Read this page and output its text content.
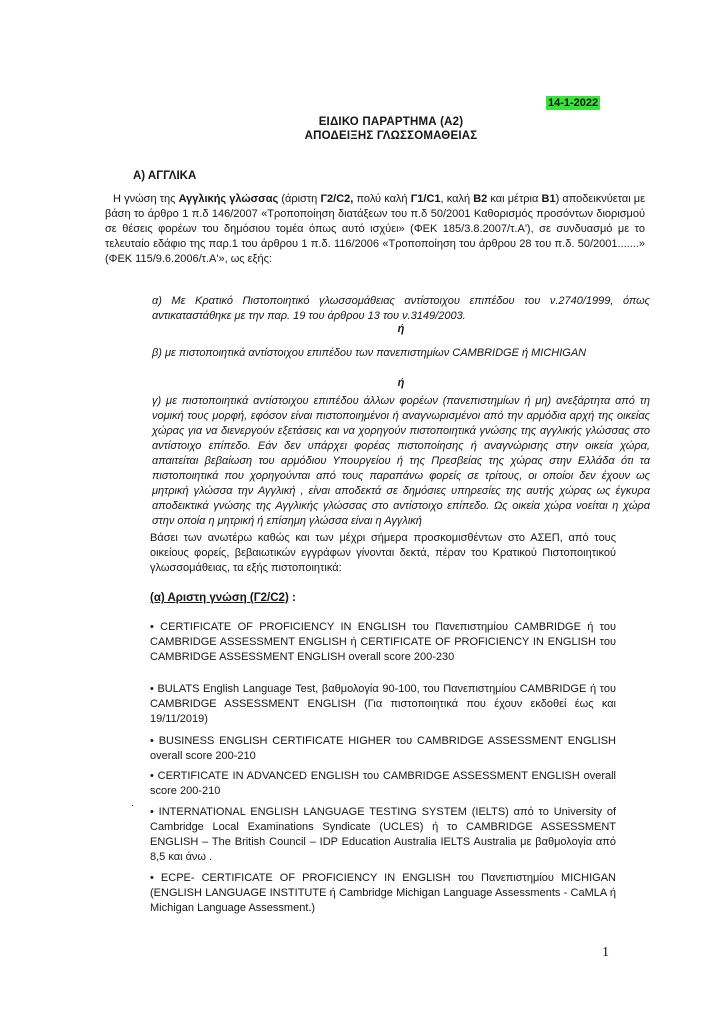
14-1-2022
ΕΙΔΙΚΟ ΠΑΡΑΡΤΗΜΑ (Α2)
ΑΠΟΔΕΙΞΗΣ ΓΛΩΣΣΟΜΑΘΕΙΑΣ
Α) ΑΓΓΛΙΚΑ

Η γνώση της Αγγλικής γλώσσας (άριστη Γ2/C2, πολύ καλή Γ1/C1, καλή Β2 και μέτρια Β1) αποδεικνύεται με βάση το άρθρο 1 π.δ 146/2007 «Τροποποίηση διατάξεων του π.δ 50/2001 Καθορισμός προσόντων διορισμού σε θέσεις φορέων του δημόσιου τομέα όπως αυτό ισχύει» (ΦΕΚ 185/3.8.2007/τ.Α'), σε συνδυασμό με το τελευταίο εδάφιο της παρ.1 του άρθρου 1 π.δ. 116/2006 «Τροποποίηση του άρθρου 28 του π.δ. 50/2001.......» (ΦΕΚ 115/9.6.2006/τ.Α'», ως εξής:

α) Με Κρατικό Πιστοποιητικό γλωσσομάθειας αντίστοιχου επιπέδου του ν.2740/1999, όπως αντικαταστάθηκε με την παρ. 19 του άρθρου 13 του ν.3149/2003.

ή

β) με πιστοποιητικά αντίστοιχου επιπέδου των πανεπιστημίων CAMBRIDGE ή MICHIGAN

ή

γ) με πιστοποιητικά αντίστοιχου επιπέδου άλλων φορέων (πανεπιστημίων ή μη) ανεξάρτητα από τη νομική τους μορφή, εφόσον είναι πιστοποιημένοι ή αναγνωρισμένοι από την αρμόδια αρχή της οικείας χώρας για να διενεργούν εξετάσεις και να χορηγούν πιστοποιητικά γνώσης της αγγλικής γλώσσας στο αντίστοιχο επίπεδο. Εάν δεν υπάρχει φορέας πιστοποίησης ή αναγνώρισης στην οικεία χώρα, απαιτείται βεβαίωση του αρμόδιου Υπουργείου ή της Πρεσβείας της χώρας στην Ελλάδα ότι τα πιστοποιητικά που χορηγούνται από τους παραπάνω φορείς σε τρίτους, οι οποίοι δεν έχουν ως μητρική γλώσσα την Αγγλική , είναι αποδεκτά σε δημόσιες υπηρεσίες της αυτής χώρας ως έγκυρα αποδεικτικά γνώσης της Αγγλικής γλώσσας στο αντίστοιχο επίπεδο. Ως οικεία χώρα νοείται η χώρα στην οποία η μητρική ή επίσημη γλώσσα είναι η Αγγλική

Βάσει των ανωτέρω καθώς και των μέχρι σήμερα προσκομισθέντων στο ΑΣΕΠ, από τους οικείους φορείς, βεβαιωτικών εγγράφων γίνονται δεκτά, πέραν του Κρατικού Πιστοποιητικού γλωσσομάθειας, τα εξής πιστοποιητικά:

(α) Αριστη γνώση (Γ2/C2) :

• CERTIFICATE OF PROFICIENCY IN ENGLISH του Πανεπιστημίου CAMBRIDGE ή του CAMBRIDGE ASSESSMENT ENGLISH ή CERTIFICATE OF PROFICIENCY IN ENGLISH του CAMBRIDGE ASSESSMENT ENGLISH overall score 200-230

• BULATS English Language Test, βαθμολογία 90-100, του Πανεπιστημίου CAMBRIDGE ή του CAMBRIDGE ASSESSMENT ENGLISH (Για πιστοποιητικά που έχουν εκδοθεί έως και 19/11/2019)

• BUSINESS ENGLISH CERTIFICATE HIGHER του CAMBRIDGE ASSESSMENT ENGLISH overall score 200-210

• CERTIFICATE IN ADVANCED ENGLISH του CAMBRIDGE ASSESSMENT ENGLISH overall score 200-210

• INTERNATIONAL ENGLISH LANGUAGE TESTING SYSTEM (IELTS) από το University of Cambridge Local Examinations Syndicate (UCLES) ή το CAMBRIDGE ASSESSMENT ENGLISH – The British Council – IDP Education Australia IELTS Australia με βαθμολογία από 8,5 και άνω .

• ECPE- CERTIFICATE OF PROFICIENCY IN ENGLISH του Πανεπιστημίου MICHIGAN (ENGLISH LANGUAGE INSTITUTE ή Cambridge Michigan Language Assessments - CaMLA ή Michigan Language Assessment.)

.
1
